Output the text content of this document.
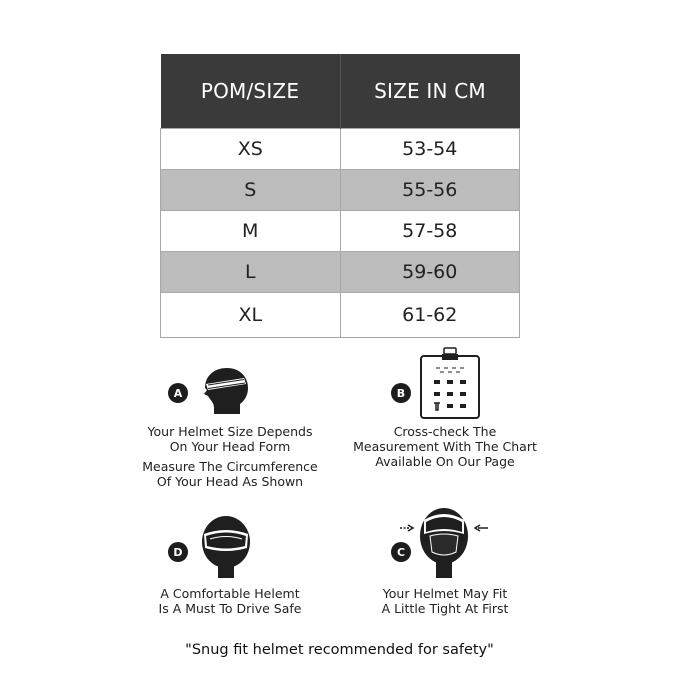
POM/SIZE	SIZE IN CM
XS	53-54
S	55-56
M	57-58
L	59-60
XL	61-62
A
Your Helmet Size Depends
On Your Head Form
Measure The Circumference
Of Your Head As Shown
B
Cross-check The
Measurement With The Chart
Available On Our Page
D
A Comfortable Helemt
Is A Must To Drive Safe
C
Your Helmet May Fit
A Little Tight At First
"Snug fit helmet recommended for safety"
